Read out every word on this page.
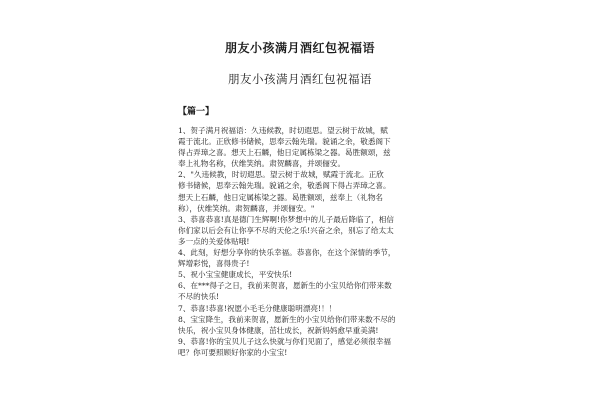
朋友小孩满月酒红包祝福语
朋友小孩满月酒红包祝福语
【篇一】
1、贺子满月祝福语：久违候教，时切遐思。望云树于故城，赋
霞于流北。正欣修书储候，思奉云翰先瑞。貌诵之余，敬悉阁下
得占弄璋之喜。想天上石麟，他日定属栋梁之器。曷胜额颂，兹
奉上礼物名称，伏维笑纳。肃贺麟喜，并颂俪安。
2、"久违候教，时切遐思。望云树于故城，赋霞于流北。正欣
修书储候，思奉云翰先瑞。貌诵之余，敬悉阁下得占弄璋之喜。
想天上石麟，他日定属栋梁之器。曷胜额颂，兹奉上（礼物名
称），伏维笑纳。肃贺麟喜，并颂俪安。"
3、恭喜恭喜!真是德门生辉啊!你梦想中的儿子最后降临了，相信
你们家以后会有让你享不尽的天伦之乐!兴奋之余，别忘了给太太
多一点的关爱体贴哦!
4、此刻，好想分享你的快乐幸福。恭喜你，在这个深情的季节，
辉增彩悦，喜得贵子!
5、祝小宝宝健康成长，平安快乐!
6、在***得子之日，我前来贺喜，愿新生的小宝贝给你们带来数
不尽的快乐!
7、恭喜!恭喜!祝愿小毛毛分健康聪明漂亮!！！
8、宝宝降生，我前来贺喜，愿新生的小宝贝给你们带来数不尽的
快乐，祝小宝贝身体健康，茁壮成长，祝新妈妈愈早重美满!
9、恭喜!你的宝贝儿子这么快就与你们见面了，感觉必须很幸福
吧？你可要照顾好你家的小宝宝!
